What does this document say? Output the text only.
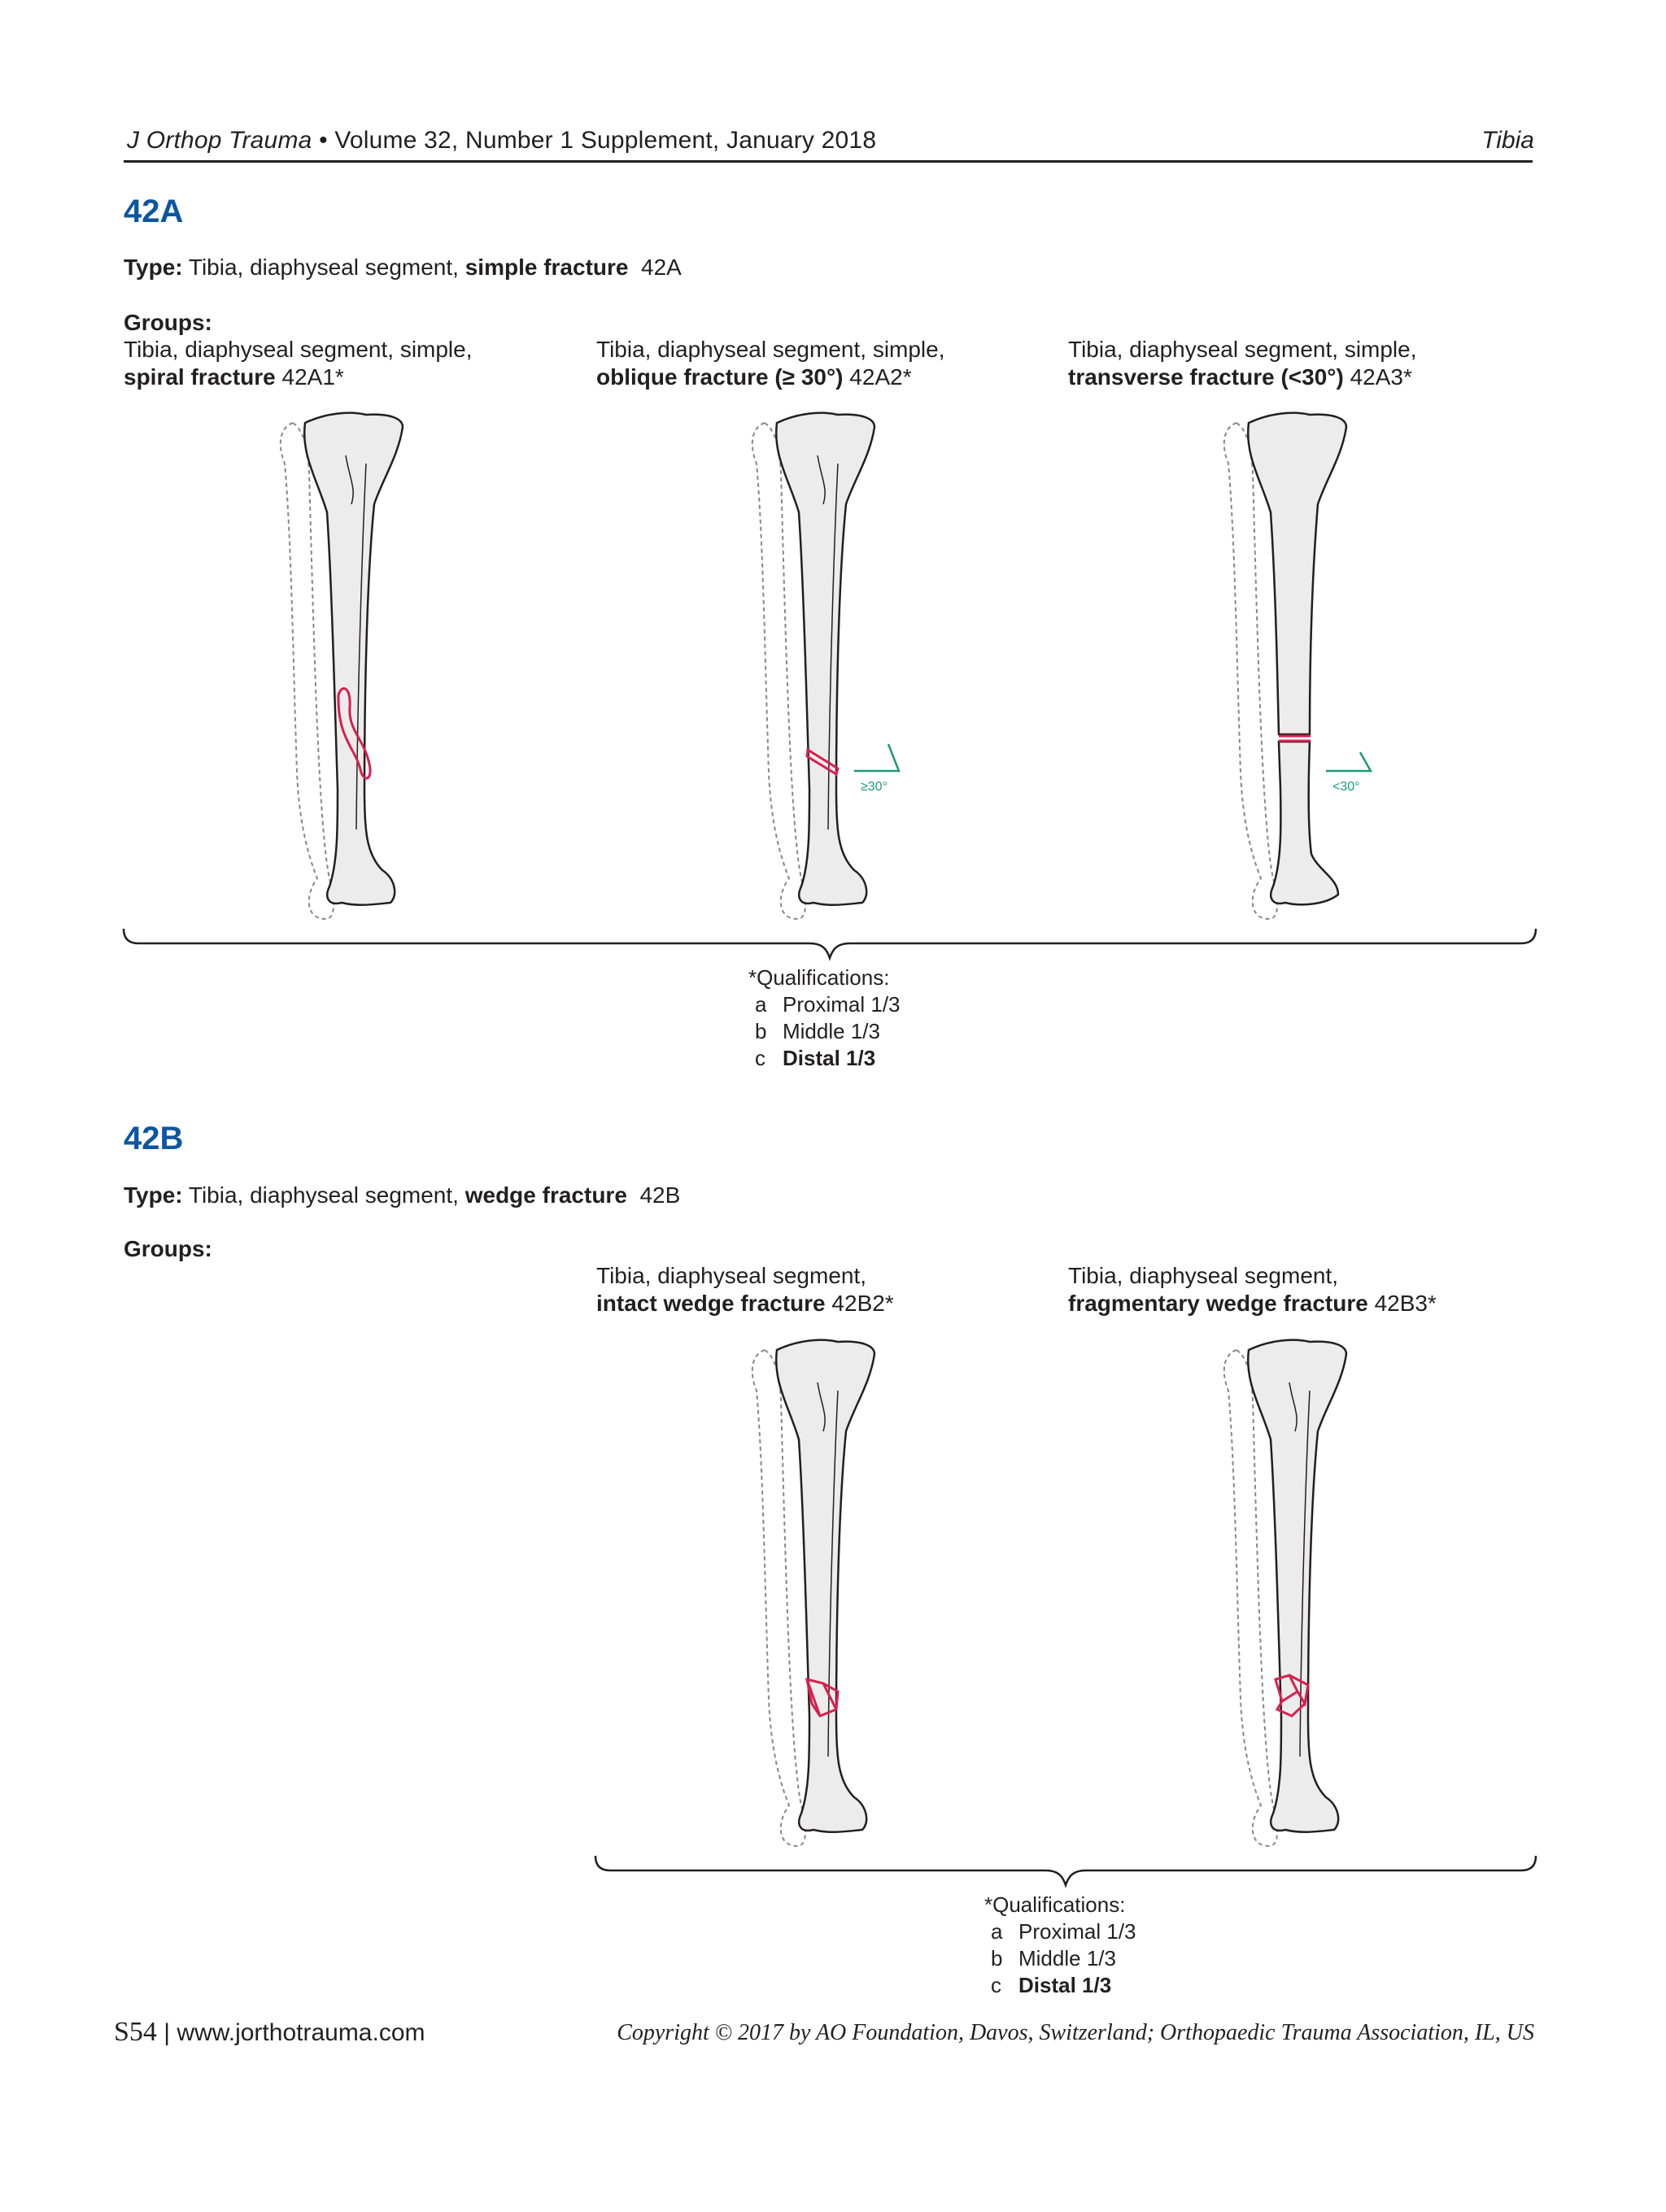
J Orthop Trauma • Volume 32, Number 1 Supplement, January 2018	Tibia
42A
Type: Tibia, diaphyseal segment, simple fracture 42A
Groups:
Tibia, diaphyseal segment, simple,
spiral fracture 42A1*
Tibia, diaphyseal segment, simple,
oblique fracture (≥ 30°) 42A2*
Tibia, diaphyseal segment, simple,
transverse fracture (<30°) 42A3*
≥30°	<30°
*Qualifications:
a Proximal 1/3
b Middle 1/3
c Distal 1/3
42B
Type: Tibia, diaphyseal segment, wedge fracture 42B
Groups:
Tibia, diaphyseal segment,
intact wedge fracture 42B2*
Tibia, diaphyseal segment,
fragmentary wedge fracture 42B3*
*Qualifications:
a Proximal 1/3
b Middle 1/3
c Distal 1/3
S54 | www.jorthotrauma.com	Copyright © 2017 by AO Foundation, Davos, Switzerland; Orthopaedic Trauma Association, IL, US
